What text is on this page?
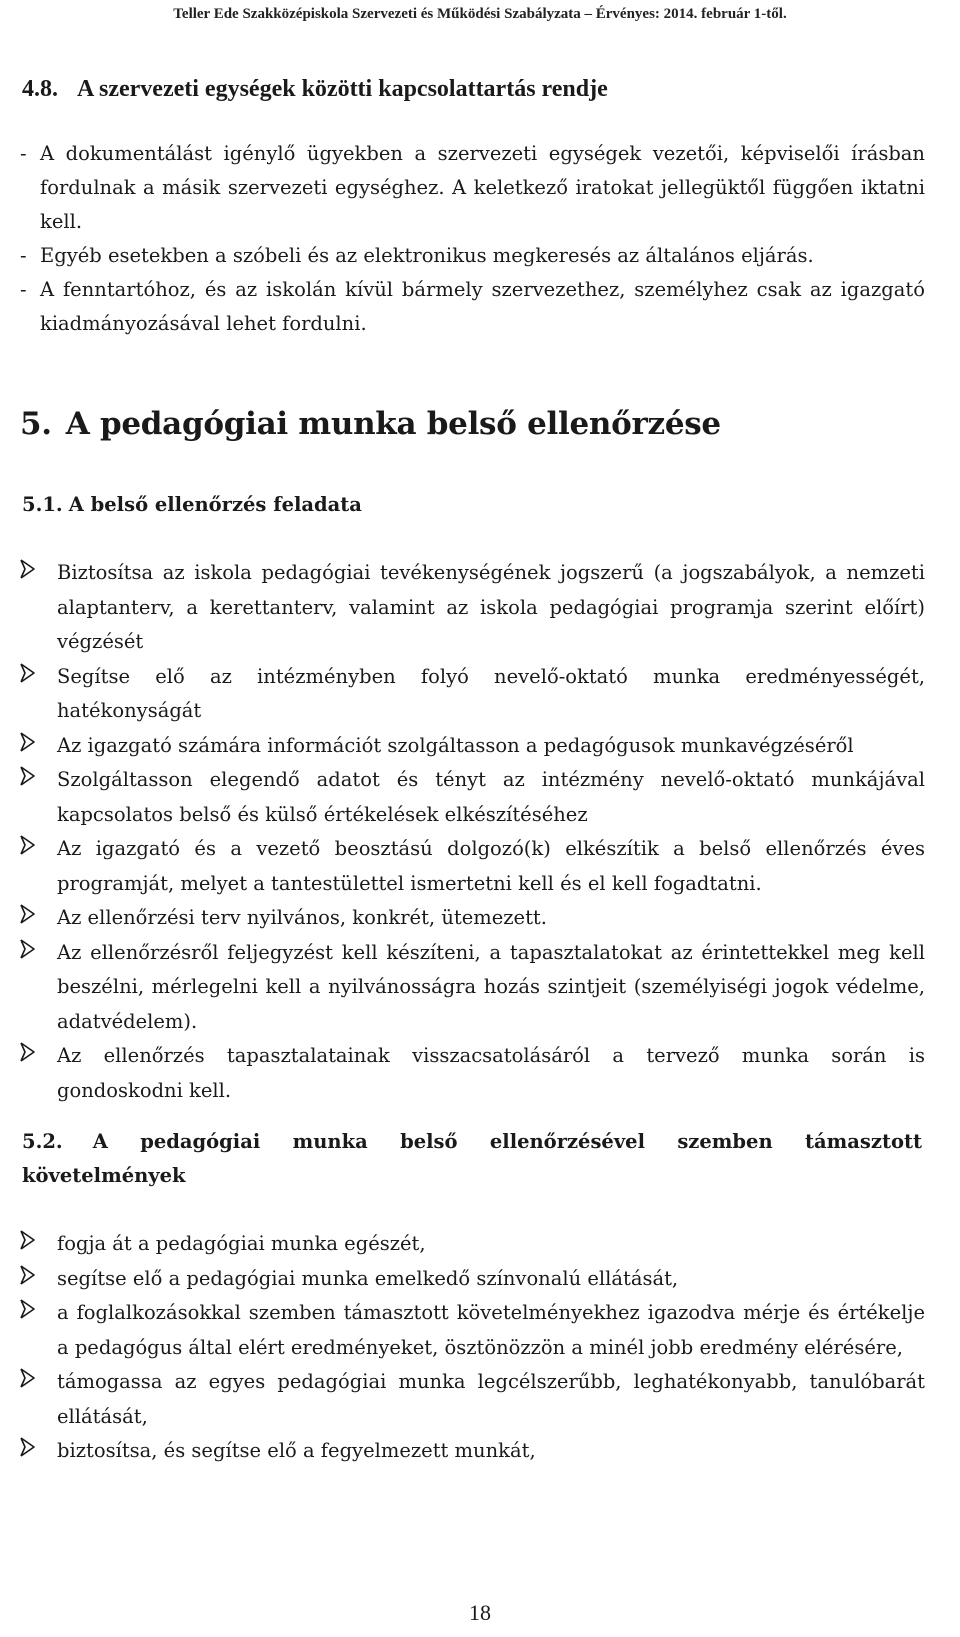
Teller Ede Szakközépiskola Szervezeti és Működési Szabályzata – Érvényes: 2014. február 1-től.
4.8. A szervezeti egységek közötti kapcsolattartás rendje
- A dokumentálást igénylő ügyekben a szervezeti egységek vezetői, képviselői írásban fordulnak a másik szervezeti egységhez. A keletkező iratokat jellegüktől függően iktatni kell.
- Egyéb esetekben a szóbeli és az elektronikus megkeresés az általános eljárás.
- A fenntartóhoz, és az iskolán kívül bármely szervezethez, személyhez csak az igazgató kiadmányozásával lehet fordulni.
5. A pedagógiai munka belső ellenőrzése
5.1. A belső ellenőrzés feladata
Biztosítsa az iskola pedagógiai tevékenységének jogszerű (a jogszabályok, a nemzeti alaptanterv, a kerettanterv, valamint az iskola pedagógiai programja szerint előírt) végzését
Segítse elő az intézményben folyó nevelő-oktató munka eredményességét, hatékonyságát
Az igazgató számára információt szolgáltasson a pedagógusok munkavégzéséről
Szolgáltasson elegendő adatot és tényt az intézmény nevelő-oktató munkájával kapcsolatos belső és külső értékelések elkészítéséhez
Az igazgató és a vezető beosztású dolgozó(k) elkészítik a belső ellenőrzés éves programját, melyet a tantestülettel ismertetni kell és el kell fogadtatni.
Az ellenőrzési terv nyilvános, konkrét, ütemezett.
Az ellenőrzésről feljegyzést kell készíteni, a tapasztalatokat az érintettekkel meg kell beszélni, mérlegelni kell a nyilvánosságra hozás szintjeit (személyiségi jogok védelme, adatvédelem).
Az ellenőrzés tapasztalatainak visszacsatolásáról a tervező munka során is gondoskodni kell.
5.2. A pedagógiai munka belső ellenőrzésével szemben támasztott követelmények
fogja át a pedagógiai munka egészét,
segítse elő a pedagógiai munka emelkedő színvonalú ellátását,
a foglalkozásokkal szemben támasztott követelményekhez igazodva mérje és értékelje a pedagógus által elért eredményeket, ösztönözzön a minél jobb eredmény elérésére,
támogassa az egyes pedagógiai munka legcélszerűbb, leghatékonyabb, tanulóbarát ellátását,
biztosítsa, és segítse elő a fegyelmezett munkát,
18
